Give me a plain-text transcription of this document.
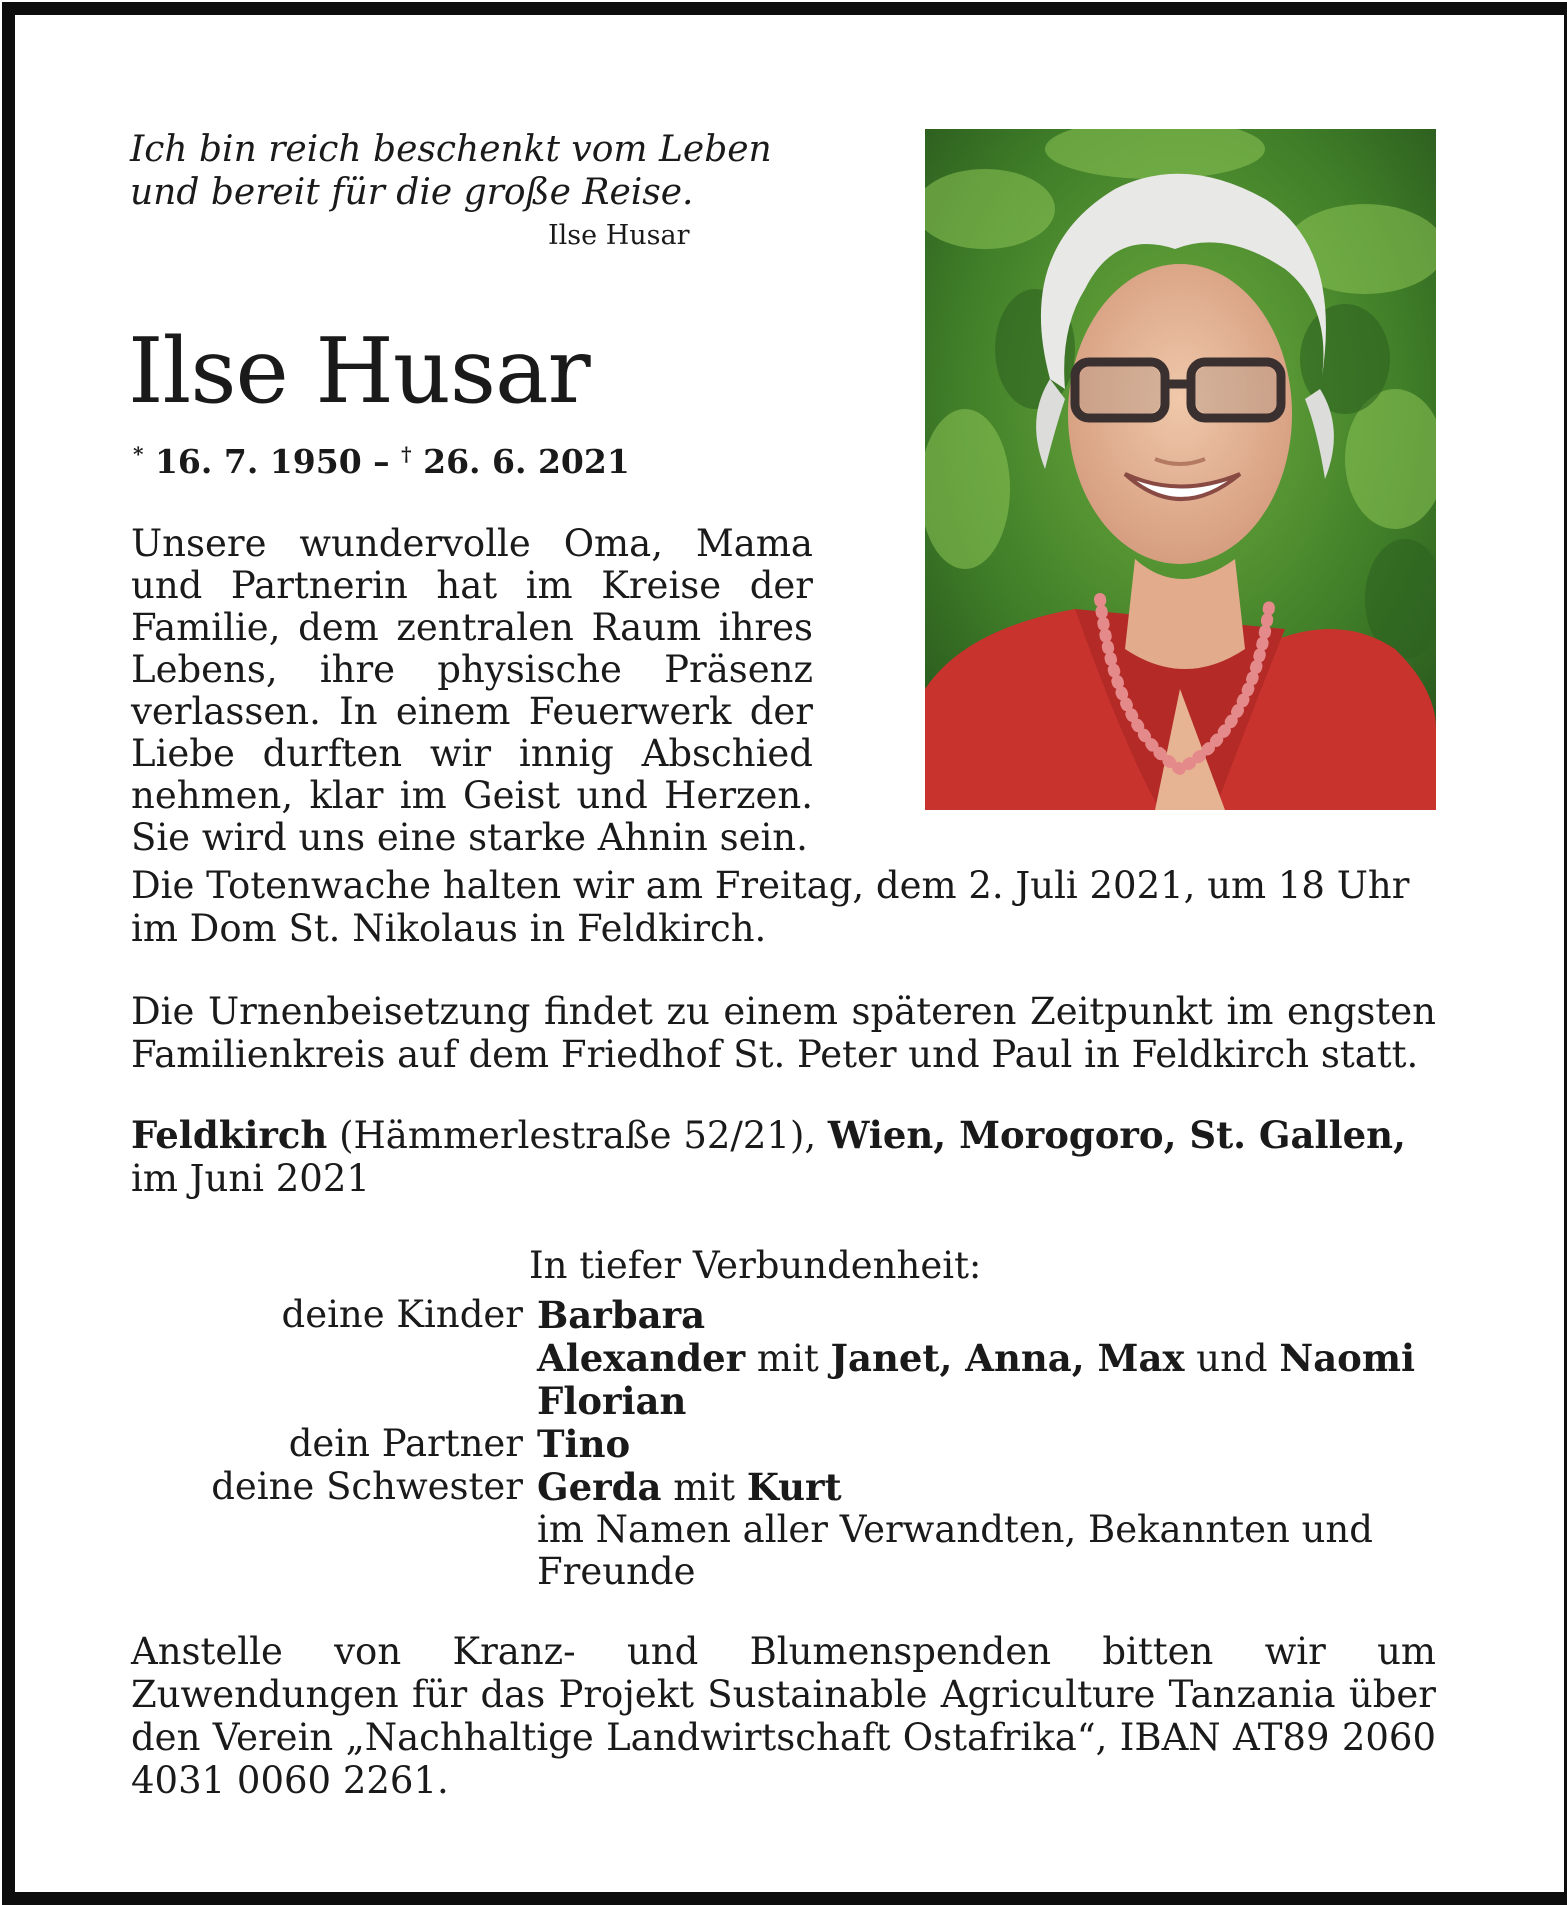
Ich bin reich beschenkt vom Leben
und bereit für die große Reise.
Ilse Husar
Ilse Husar
* 16. 7. 1950 – † 26. 6. 2021
Unsere wundervolle Oma, Mama und Partnerin hat im Kreise der Familie, dem zentralen Raum ihres Lebens, ihre physische Präsenz verlassen. In einem Feuerwerk der Liebe durften wir innig Abschied nehmen, klar im Geist und Herzen. Sie wird uns eine starke Ahnin sein.
Die Totenwache halten wir am Freitag, dem 2. Juli 2021, um 18 Uhr im Dom St. Nikolaus in Feldkirch.
Die Urnenbeisetzung findet zu einem späteren Zeitpunkt im engsten Familienkreis auf dem Friedhof St. Peter und Paul in Feldkirch statt.
Feldkirch (Hämmerlestraße 52/21), Wien, Morogoro, St. Gallen,
im Juni 2021
In tiefer Verbundenheit:
deine Kinder	Barbara
	Alexander mit Janet, Anna, Max und Naomi
	Florian
dein Partner	Tino
deine Schwester	Gerda mit Kurt
	im Namen aller Verwandten, Bekannten und Freunde
Anstelle von Kranz- und Blumenspenden bitten wir um Zuwendungen für das Projekt Sustainable Agriculture Tanzania über den Verein „Nachhaltige Landwirtschaft Ostafrika“, IBAN AT89 2060 4031 0060 2261.
